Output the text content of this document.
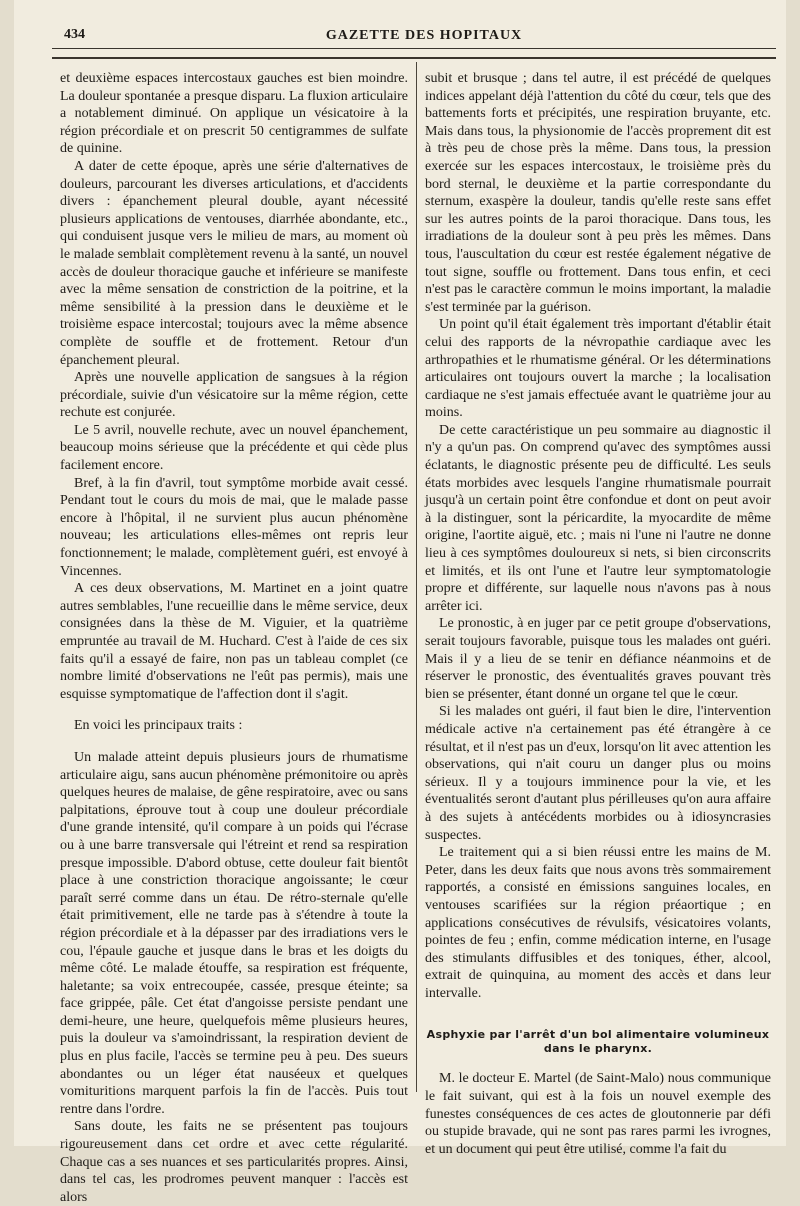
434	GAZETTE DES HOPITAUX

et deuxième espaces intercostaux gauches est bien moindre. La douleur spontanée a presque disparu. La fluxion articulaire a notablement diminué. On applique un vésicatoire à la région précordiale et on prescrit 50 centigrammes de sulfate de quinine.

A dater de cette époque, après une série d'alternatives de douleurs, parcourant les diverses articulations, et d'accidents divers : épanchement pleural double, ayant nécessité plusieurs applications de ventouses, diarrhée abondante, etc., qui conduisent jusque vers le milieu de mars, au moment où le malade semblait complètement revenu à la santé, un nouvel accès de douleur thoracique gauche et inférieure se manifeste avec la même sensation de constriction de la poitrine, et la même sensibilité à la pression dans le deuxième et le troisième espace intercostal; toujours avec la même absence complète de souffle et de frottement. Retour d'un épanchement pleural.

Après une nouvelle application de sangsues à la région précordiale, suivie d'un vésicatoire sur la même région, cette rechute est conjurée.

Le 5 avril, nouvelle rechute, avec un nouvel épanchement, beaucoup moins sérieuse que la précédente et qui cède plus facilement encore.

Bref, à la fin d'avril, tout symptôme morbide avait cessé. Pendant tout le cours du mois de mai, que le malade passe encore à l'hôpital, il ne survient plus aucun phénomène nouveau; les articulations elles-mêmes ont repris leur fonctionnement; le malade, complètement guéri, est envoyé à Vincennes.

A ces deux observations, M. Martinet en a joint quatre autres semblables, l'une recueillie dans le même service, deux consignées dans la thèse de M. Viguier, et la quatrième empruntée au travail de M. Huchard. C'est à l'aide de ces six faits qu'il a essayé de faire, non pas un tableau complet (ce nombre limité d'observations ne l'eût pas permis), mais une esquisse symptomatique de l'affection dont il s'agit.

En voici les principaux traits :

Un malade atteint depuis plusieurs jours de rhumatisme articulaire aigu, sans aucun phénomène prémonitoire ou après quelques heures de malaise, de gêne respiratoire, avec ou sans palpitations, éprouve tout à coup une douleur précordiale d'une grande intensité, qu'il compare à un poids qui l'écrase ou à une barre transversale qui l'étreint et rend sa respiration presque impossible. D'abord obtuse, cette douleur fait bientôt place à une constriction thoracique angoissante; le cœur paraît serré comme dans un étau. De rétro-sternale qu'elle était primitivement, elle ne tarde pas à s'étendre à toute la région précordiale et à la dépasser par des irradiations vers le cou, l'épaule gauche et jusque dans le bras et les doigts du même côté. Le malade étouffe, sa respiration est fréquente, haletante; sa voix entrecoupée, cassée, presque éteinte; sa face grippée, pâle. Cet état d'angoisse persiste pendant une demi-heure, une heure, quelquefois même plusieurs heures, puis la douleur va s'amoindrissant, la respiration devient de plus en plus facile, l'accès se termine peu à peu. Des sueurs abondantes ou un léger état nauséeux et quelques vomituritions marquent parfois la fin de l'accès. Puis tout rentre dans l'ordre.

Sans doute, les faits ne se présentent pas toujours rigoureusement dans cet ordre et avec cette régularité. Chaque cas a ses nuances et ses particularités propres. Ainsi, dans tel cas, les prodromes peuvent manquer : l'accès est alors

subit et brusque ; dans tel autre, il est précédé de quelques indices appelant déjà l'attention du côté du cœur, tels que des battements forts et précipités, une respiration bruyante, etc. Mais dans tous, la physionomie de l'accès proprement dit est à très peu de chose près la même. Dans tous, la pression exercée sur les espaces intercostaux, le troisième près du bord sternal, le deuxième et la partie correspondante du sternum, exaspère la douleur, tandis qu'elle reste sans effet sur les autres points de la paroi thoracique. Dans tous, les irradiations de la douleur sont à peu près les mêmes. Dans tous, l'auscultation du cœur est restée également négative de tout signe, souffle ou frottement. Dans tous enfin, et ceci n'est pas le caractère commun le moins important, la maladie s'est terminée par la guérison.

Un point qu'il était également très important d'établir était celui des rapports de la névropathie cardiaque avec les arthropathies et le rhumatisme général. Or les déterminations articulaires ont toujours ouvert la marche ; la localisation cardiaque ne s'est jamais effectuée avant le quatrième jour au moins.

De cette caractéristique un peu sommaire au diagnostic il n'y a qu'un pas. On comprend qu'avec des symptômes aussi éclatants, le diagnostic présente peu de difficulté. Les seuls états morbides avec lesquels l'angine rhumatismale pourrait jusqu'à un certain point être confondue et dont on peut avoir à la distinguer, sont la péricardite, la myocardite de même origine, l'aortite aiguë, etc. ; mais ni l'une ni l'autre ne donne lieu à ces symptômes douloureux si nets, si bien circonscrits et limités, et ils ont l'une et l'autre leur symptomatologie propre et différente, sur laquelle nous n'avons pas à nous arrêter ici.

Le pronostic, à en juger par ce petit groupe d'observations, serait toujours favorable, puisque tous les malades ont guéri. Mais il y a lieu de se tenir en défiance néanmoins et de réserver le pronostic, des éventualités graves pouvant très bien se présenter, étant donné un organe tel que le cœur.

Si les malades ont guéri, il faut bien le dire, l'intervention médicale active n'a certainement pas été étrangère à ce résultat, et il n'est pas un d'eux, lorsqu'on lit avec attention les observations, qui n'ait couru un danger plus ou moins sérieux. Il y a toujours imminence pour la vie, et les éventualités seront d'autant plus périlleuses qu'on aura affaire à des sujets à antécédents morbides ou à idiosyncrasies suspectes.

Le traitement qui a si bien réussi entre les mains de M. Peter, dans les deux faits que nous avons très sommairement rapportés, a consisté en émissions sanguines locales, en ventouses scarifiées sur la région préaortique ; en applications consécutives de révulsifs, vésicatoires volants, pointes de feu ; enfin, comme médication interne, en l'usage des stimulants diffusibles et des toniques, éther, alcool, extrait de quinquina, au moment des accès et dans leur intervalle.

Asphyxie par l'arrêt d'un bol alimentaire volumineux dans le pharynx.

M. le docteur E. Martel (de Saint-Malo) nous communique le fait suivant, qui est à la fois un nouvel exemple des funestes conséquences de ces actes de gloutonnerie par défi ou stupide bravade, qui ne sont pas rares parmi les ivrognes, et un document qui peut être utilisé, comme l'a fait du
